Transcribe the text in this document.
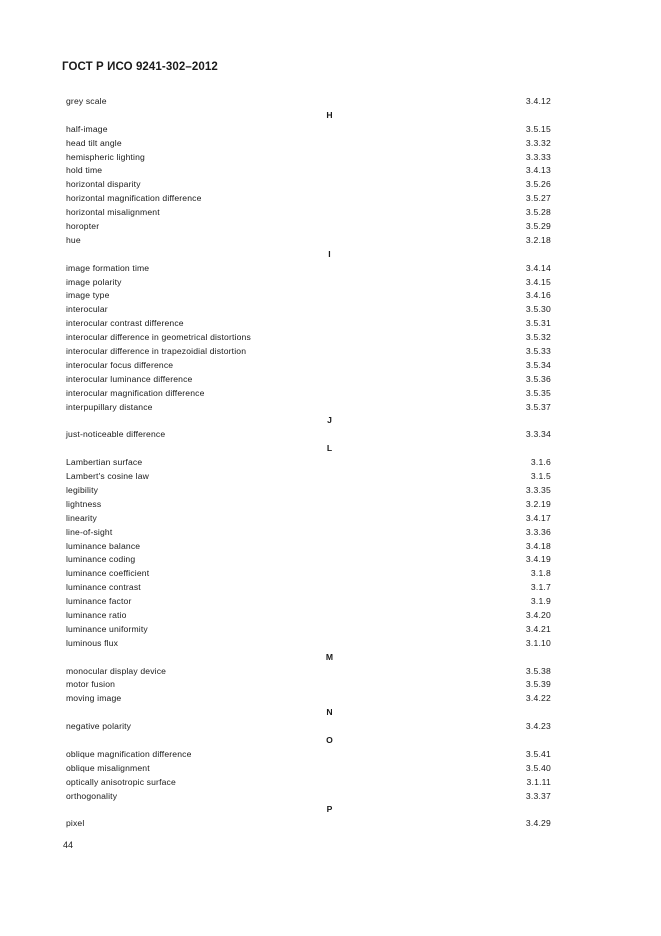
ГОСТ Р ИСО 9241-302–2012
grey scale	3.4.12
H
half-image	3.5.15
head tilt angle	3.3.32
hemispheric lighting	3.3.33
hold time	3.4.13
horizontal disparity	3.5.26
horizontal magnification difference	3.5.27
horizontal misalignment	3.5.28
horopter	3.5.29
hue	3.2.18
I
image formation time	3.4.14
image polarity	3.4.15
image type	3.4.16
interocular	3.5.30
interocular contrast difference	3.5.31
interocular difference in geometrical distortions	3.5.32
interocular difference in trapezoidial distortion	3.5.33
interocular focus difference	3.5.34
interocular luminance difference	3.5.36
interocular magnification difference	3.5.35
interpupillary distance	3.5.37
J
just-noticeable difference	3.3.34
L
Lambertian surface	3.1.6
Lambert's cosine law	3.1.5
legibility	3.3.35
lightness	3.2.19
linearity	3.4.17
line-of-sight	3.3.36
luminance balance	3.4.18
luminance coding	3.4.19
luminance coefficient	3.1.8
luminance contrast	3.1.7
luminance factor	3.1.9
luminance ratio	3.4.20
luminance uniformity	3.4.21
luminous flux	3.1.10
M
monocular display device	3.5.38
motor fusion	3.5.39
moving image	3.4.22
N
negative polarity	3.4.23
O
oblique magnification difference	3.5.41
oblique misalignment	3.5.40
optically anisotropic surface	3.1.11
orthogonality	3.3.37
P
pixel	3.4.29
44
